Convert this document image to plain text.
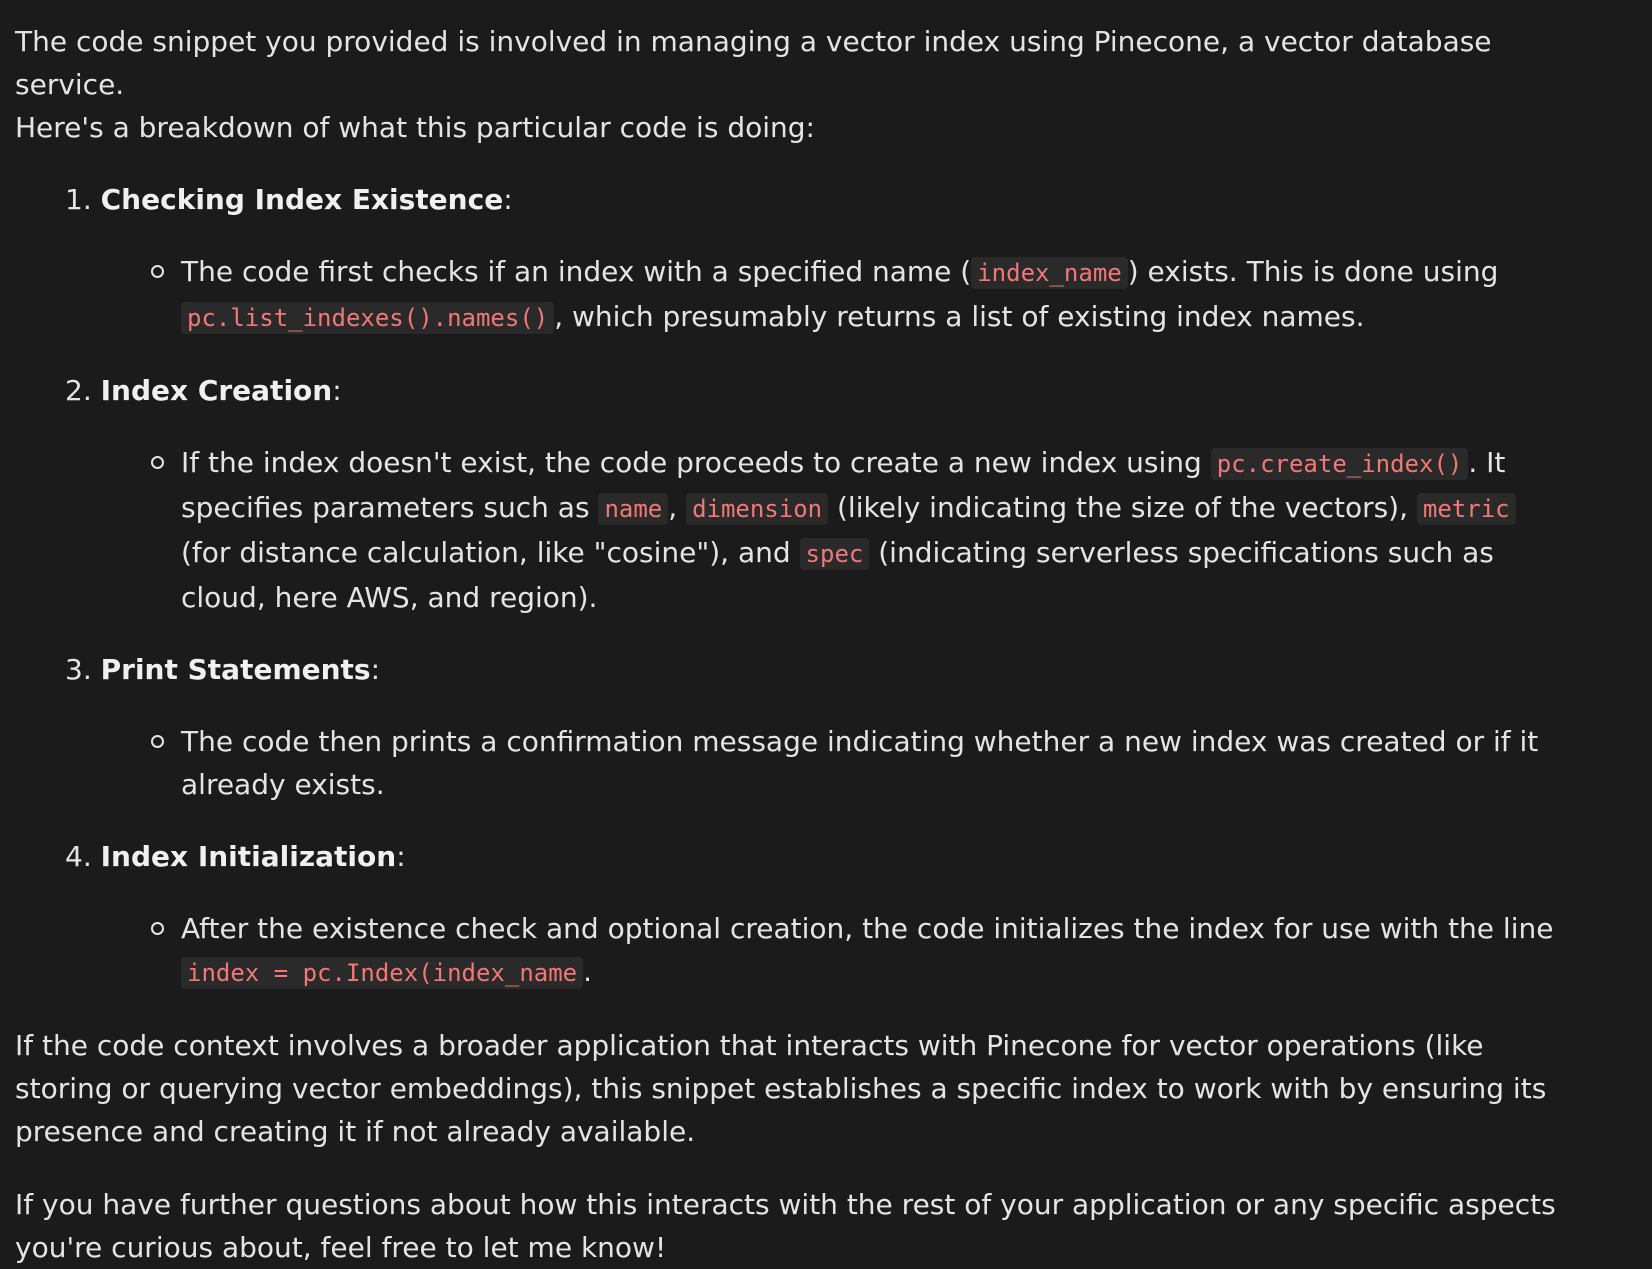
The code snippet you provided is involved in managing a vector index using Pinecone, a vector database service.
Here's a breakdown of what this particular code is doing:

1. Checking Index Existence:
The code first checks if an index with a specified name ( index_name ) exists. This is done using
pc.list_indexes().names() , which presumably returns a list of existing index names.
2. Index Creation:
If the index doesn't exist, the code proceeds to create a new index using pc.create_index() . It specifies parameters such as name , dimension (likely indicating the size of the vectors), metric (for distance calculation, like "cosine"), and spec (indicating serverless specifications such as cloud, here AWS, and region).
3. Print Statements:
The code then prints a confirmation message indicating whether a new index was created or if it already exists.
4. Index Initialization:
After the existence check and optional creation, the code initializes the index for use with the line
index = pc.Index(index_name .

If the code context involves a broader application that interacts with Pinecone for vector operations (like storing or querying vector embeddings), this snippet establishes a specific index to work with by ensuring its presence and creating it if not already available.

If you have further questions about how this interacts with the rest of your application or any specific aspects you're curious about, feel free to let me know!
